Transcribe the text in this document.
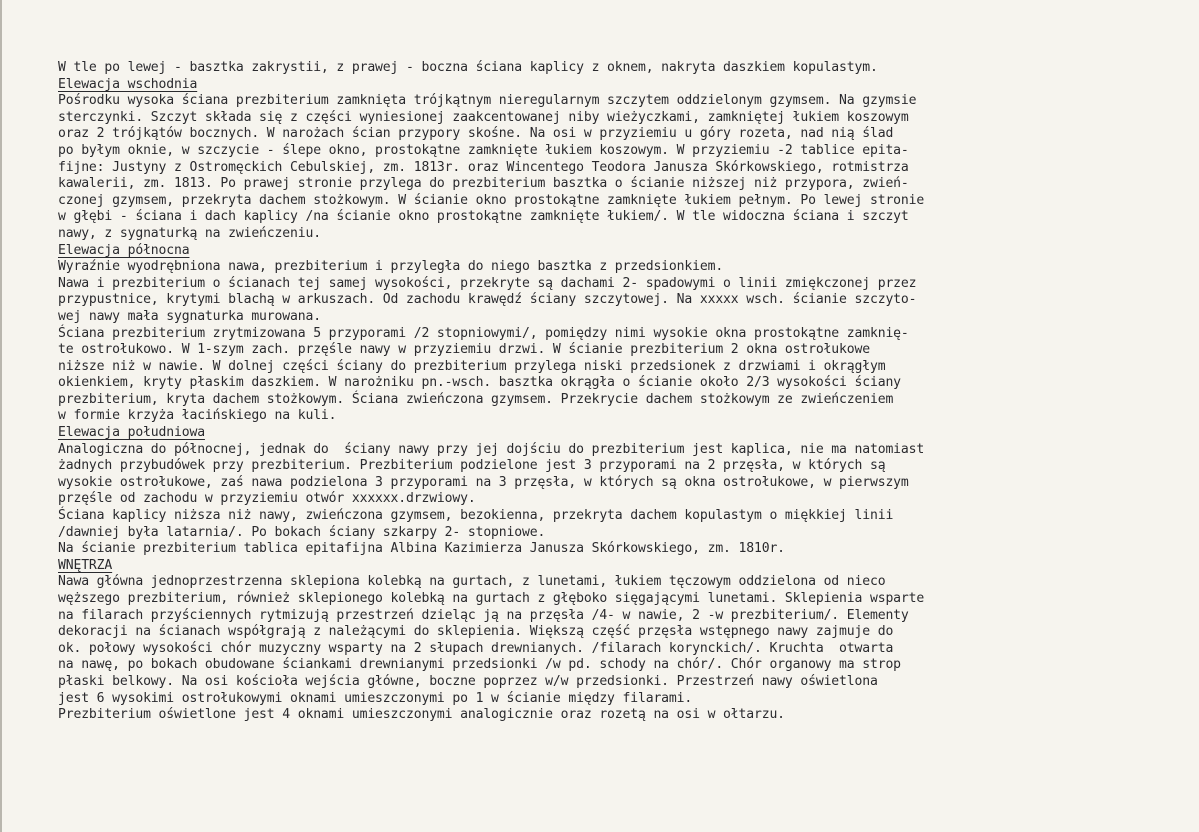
W tle po lewej - basztka zakrystii, z prawej - boczna ściana kaplicy z oknem, nakryta daszkiem kopulastym.
Elewacja wschodnia
Pośrodku wysoka ściana prezbiterium zamknięta trójkątnym nieregularnym szczytem oddzielonym gzymsem. Na gzymsie
sterczynki. Szczyt składa się z części wyniesionej zaakcentowanej niby wieżyczkami, zamkniętej łukiem koszowym
oraz 2 trójkątów bocznych. W narożach ścian przypory skośne. Na osi w przyziemiu u góry rozeta, nad nią ślad
po byłym oknie, w szczycie - ślepe okno, prostokątne zamknięte łukiem koszowym. W przyziemiu -2 tablice epita-
fijne: Justyny z Ostromęckich Cebulskiej, zm. 1813r. oraz Wincentego Teodora Janusza Skórkowskiego, rotmistrza
kawalerii, zm. 1813. Po prawej stronie przylega do prezbiterium basztka o ścianie niższej niż przypora, zwień-
czonej gzymsem, przekryta dachem stożkowym. W ścianie okno prostokątne zamknięte łukiem pełnym. Po lewej stronie
w głębi - ściana i dach kaplicy /na ścianie okno prostokątne zamknięte łukiem/. W tle widoczna ściana i szczyt
nawy, z sygnaturką na zwieńczeniu.
Elewacja północna
Wyraźnie wyodrębniona nawa, prezbiterium i przyległa do niego basztka z przedsionkiem.
Nawa i prezbiterium o ścianach tej samej wysokości, przekryte są dachami 2- spadowymi o linii zmiękczonej przez
przypustnice, krytymi blachą w arkuszach. Od zachodu krawędź ściany szczytowej. Na xxxxx wsch. ścianie szczyto-
wej nawy mała sygnaturka murowana.
Ściana prezbiterium zrytmizowana 5 przyporami /2 stopniowymi/, pomiędzy nimi wysokie okna prostokątne zamknię-
te ostrołukowo. W 1-szym zach. przęśle nawy w przyziemiu drzwi. W ścianie prezbiterium 2 okna ostrołukowe
niższe niż w nawie. W dolnej części ściany do prezbiterium przylega niski przedsionek z drzwiami i okrągłym
okienkiem, kryty płaskim daszkiem. W narożniku pn.-wsch. basztka okrągła o ścianie około 2/3 wysokości ściany
prezbiterium, kryta dachem stożkowym. Ściana zwieńczona gzymsem. Przekrycie dachem stożkowym ze zwieńczeniem
w formie krzyża łacińskiego na kuli.
Elewacja południowa
Analogiczna do północnej, jednak do  ściany nawy przy jej dojściu do prezbiterium jest kaplica, nie ma natomiast
żadnych przybudówek przy prezbiterium. Prezbiterium podzielone jest 3 przyporami na 2 przęsła, w których są
wysokie ostrołukowe, zaś nawa podzielona 3 przyporami na 3 przęsła, w których są okna ostrołukowe, w pierwszym
przęśle od zachodu w przyziemiu otwór xxxxxx.drzwiowy.
Ściana kaplicy niższa niż nawy, zwieńczona gzymsem, bezokienna, przekryta dachem kopulastym o miękkiej linii
/dawniej była latarnia/. Po bokach ściany szkarpy 2- stopniowe.
Na ścianie prezbiterium tablica epitafijna Albina Kazimierza Janusza Skórkowskiego, zm. 1810r.
WNĘTRZA
Nawa główna jednoprzestrzenna sklepiona kolebką na gurtach, z lunetami, łukiem tęczowym oddzielona od nieco
węższego prezbiterium, również sklepionego kolebką na gurtach z głęboko sięgającymi lunetami. Sklepienia wsparte
na filarach przyściennych rytmizują przestrzeń dzieląc ją na przęsła /4- w nawie, 2 -w prezbiterium/. Elementy
dekoracji na ścianach współgrają z należącymi do sklepienia. Większą część przęsła wstępnego nawy zajmuje do
ok. połowy wysokości chór muzyczny wsparty na 2 słupach drewnianych. /filarach korynckich/. Kruchta  otwarta
na nawę, po bokach obudowane ściankami drewnianymi przedsionki /w pd. schody na chór/. Chór organowy ma strop
płaski belkowy. Na osi kościoła wejścia główne, boczne poprzez w/w przedsionki. Przestrzeń nawy oświetlona
jest 6 wysokimi ostrołukowymi oknami umieszczonymi po 1 w ścianie między filarami.
Prezbiterium oświetlone jest 4 oknami umieszczonymi analogicznie oraz rozetą na osi w ołtarzu.
